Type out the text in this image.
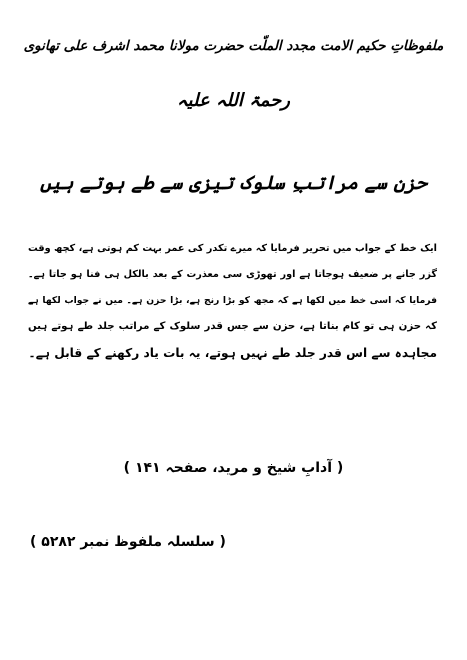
ملفوظاتِ حکیم الامت مجدد الملّت حضرت مولانا محمد اشرف علی تھانوی
رحمۃ اللہ علیہ
حزن سے مراتبِ سلوک تیزی سے طے ہوتے ہیں
ایک خط کے جواب میں تحریر فرمایا کہ میرے تکدر کی عمر بہت کم ہوتی ہے، کچھ وقت
گزر جانے پر ضعیف ہوجاتا ہے اور تھوڑی سی معذرت کے بعد بالکل ہی فنا ہو جاتا ہے۔
فرمایا کہ اسی خط میں لکھا ہے کہ مجھ کو بڑا رنج ہے، بڑا حزن ہے۔ میں نے جواب لکھا ہے
کہ حزن ہی تو کام بناتا ہے، حزن سے جس قدر سلوک کے مراتب جلد طے ہوتے ہیں
مجاہدہ سے اس قدر جلد طے نہیں ہوتے، یہ بات یاد رکھنے کے قابل ہے۔
( آدابِ شیخ و مرید، صفحہ ۱۴۱ )
( سلسلہ ملفوظ نمبر ۵۲۸۲ )
